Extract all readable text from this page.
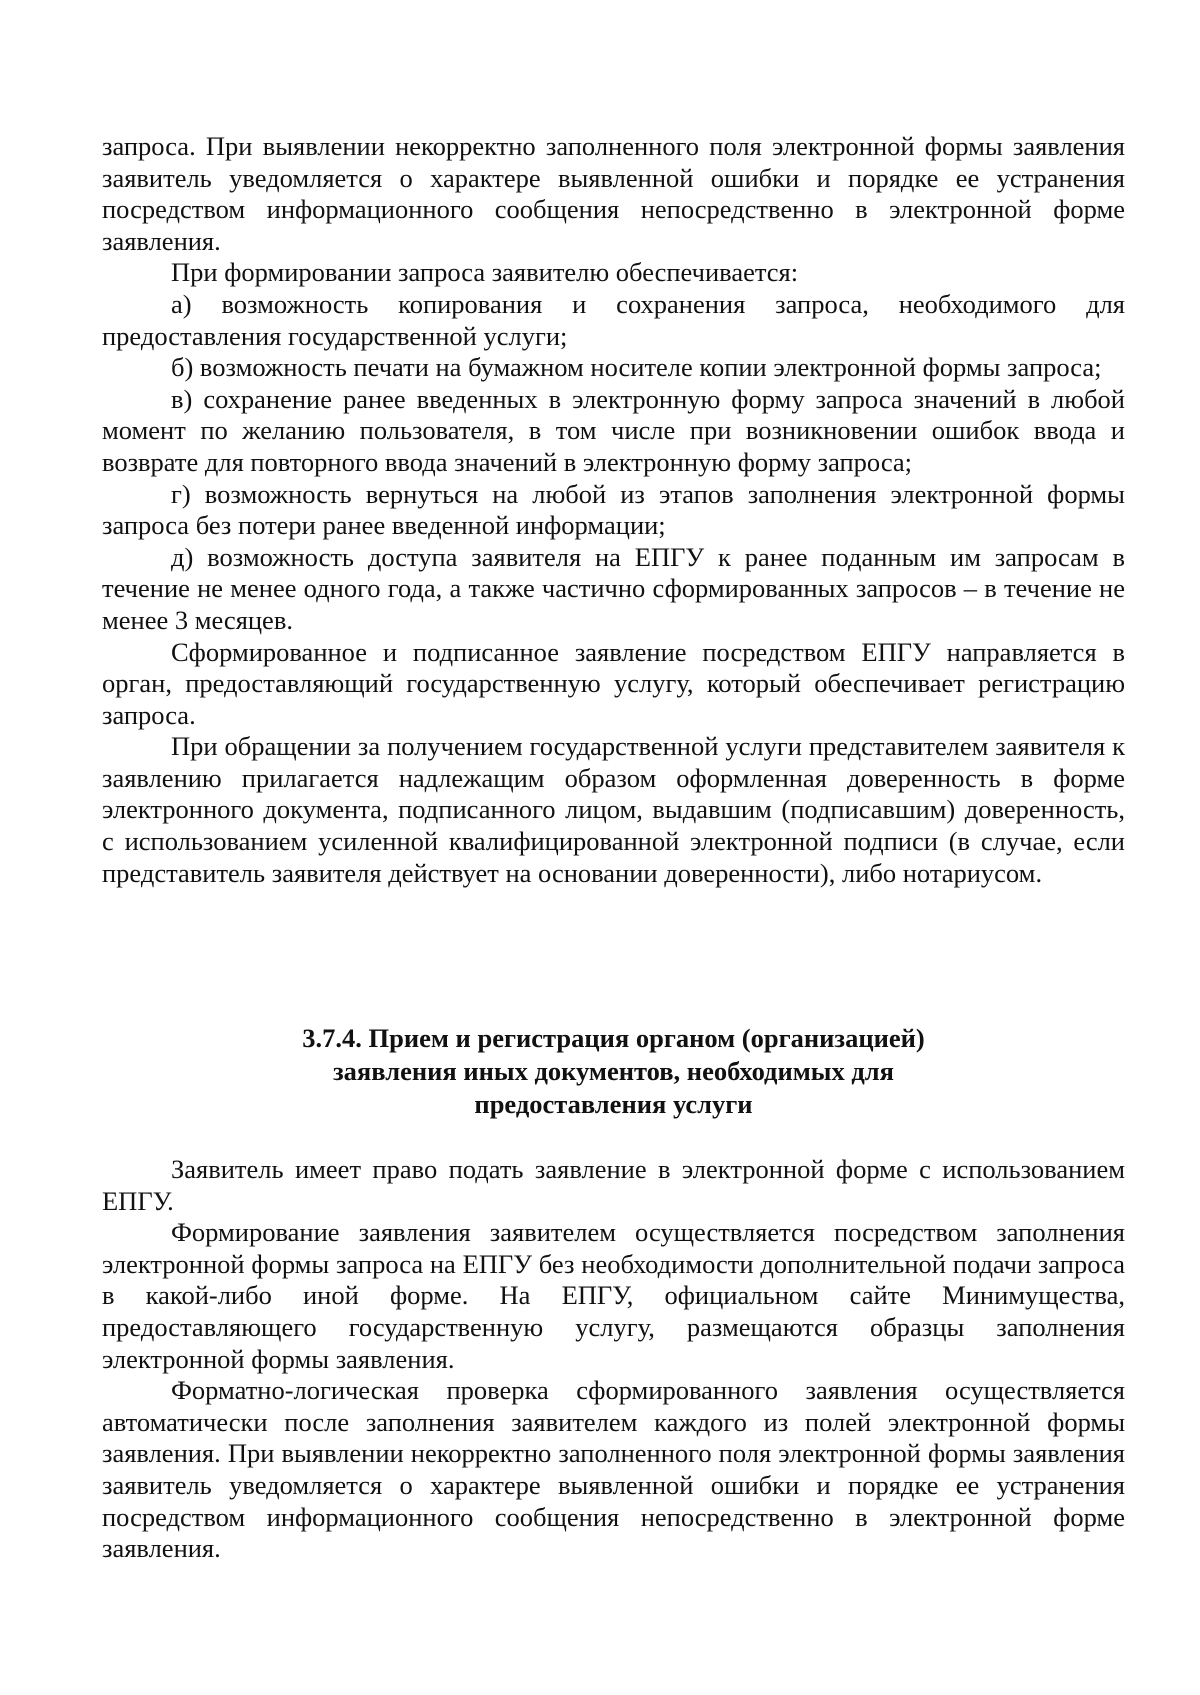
запроса. При выявлении некорректно заполненного поля электронной формы заявления заявитель уведомляется о характере выявленной ошибки и порядке ее устранения посредством информационного сообщения непосредственно в электронной форме заявления.

При формировании запроса заявителю обеспечивается:

а) возможность копирования и сохранения запроса, необходимого для предоставления государственной услуги;

б) возможность печати на бумажном носителе копии электронной формы запроса;

в) сохранение ранее введенных в электронную форму запроса значений в любой момент по желанию пользователя, в том числе при возникновении ошибок ввода и возврате для повторного ввода значений в электронную форму запроса;

г) возможность вернуться на любой из этапов заполнения электронной формы запроса без потери ранее введенной информации;

д) возможность доступа заявителя на ЕПГУ к ранее поданным им запросам в течение не менее одного года, а также частично сформированных запросов – в течение не менее 3 месяцев.

Сформированное и подписанное заявление посредством ЕПГУ направляется в орган, предоставляющий государственную услугу, который обеспечивает регистрацию запроса.

При обращении за получением государственной услуги представителем заявителя к заявлению прилагается надлежащим образом оформленная доверенность в форме электронного документа, подписанного лицом, выдавшим (подписавшим) доверенность, с использованием усиленной квалифицированной электронной подписи (в случае, если представитель заявителя действует на основании доверенности), либо нотариусом.

3.7.4. Прием и регистрация органом (организацией)
заявления иных документов, необходимых для
предоставления услуги

Заявитель имеет право подать заявление в электронной форме с использованием ЕПГУ.

Формирование заявления заявителем осуществляется посредством заполнения электронной формы запроса на ЕПГУ без необходимости дополнительной подачи запроса в какой-либо иной форме. На ЕПГУ, официальном сайте Минимущества, предоставляющего государственную услугу, размещаются образцы заполнения электронной формы заявления.

Форматно-логическая проверка сформированного заявления осуществляется автоматически после заполнения заявителем каждого из полей электронной формы заявления. При выявлении некорректно заполненного поля электронной формы заявления заявитель уведомляется о характере выявленной ошибки и порядке ее устранения посредством информационного сообщения непосредственно в электронной форме заявления.
